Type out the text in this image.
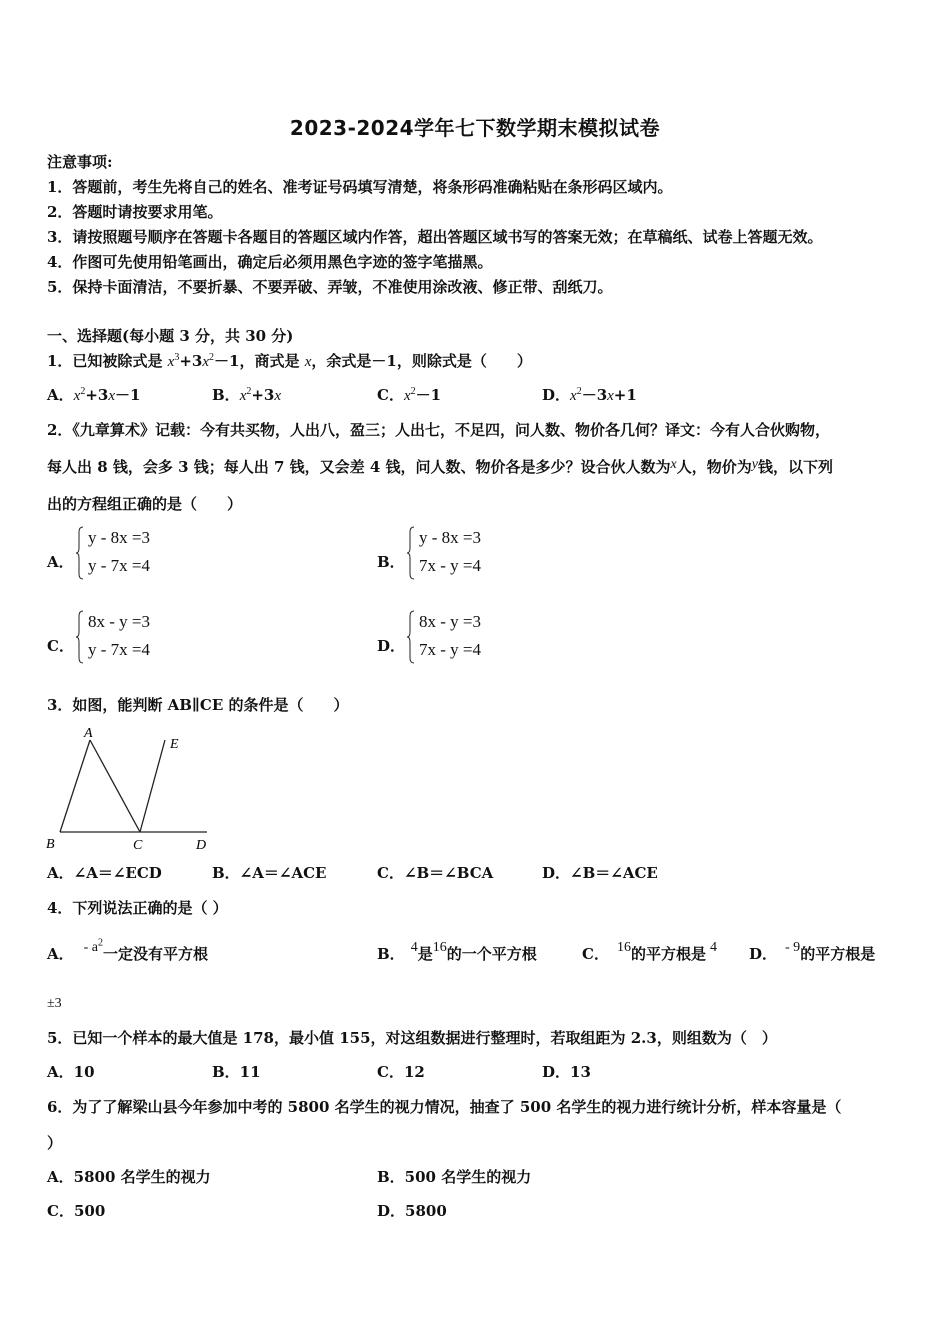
2023-2024学年七下数学期末模拟试卷
注意事项:
1．答题前，考生先将自己的姓名、准考证号码填写清楚，将条形码准确粘贴在条形码区域内。
2．答题时请按要求用笔。
3．请按照题号顺序在答题卡各题目的答题区域内作答，超出答题区域书写的答案无效；在草稿纸、试卷上答题无效。
4．作图可先使用铅笔画出，确定后必须用黑色字迹的签字笔描黑。
5．保持卡面清洁，不要折暴、不要弄破、弄皱，不准使用涂改液、修正带、刮纸刀。
一、选择题(每小题 3 分，共 30 分)
1．已知被除式是 $x^3+3x^2-1$，商式是 x，余式是－1，则除式是（　　）
A．$x^2+3x-1$	B．$x^2+3x$	C．$x^2-1$	D．$x^2-3x+1$
2．《九章算术》记载：今有共买物，人出八，盈三；人出七，不足四，问人数、物价各几何？译文：今有人合伙购物，
每人出 8 钱，会多 3 钱；每人出 7 钱，又会差 4 钱，问人数、物价各是多少？设合伙人数为x人，物价为y钱，以下列
出的方程组正确的是（　　）
A．
y - 8x =3
y - 7x =4	B．
y - 8x =3
7x - y =4
C．
8x - y =3
y - 7x =4	D．
8x - y =3
7x - y =4
3．如图，能判断 AB∥CE 的条件是（　　）
A
E
B	C	D
A．∠A＝∠ECD	B．∠A＝∠ACE	C．∠B＝∠BCA	D．∠B＝∠ACE
4．下列说法正确的是（ ）
A． - $a^2$一定没有平方根	B． 4是16的一个平方根	C． 16的平方根是 4 D． - 9的平方根是
±3
5．已知一个样本的最大值是 178，最小值 155，对这组数据进行整理时，若取组距为 2.3，则组数为（　）
A．10	B．11	C．12	D．13
6．为了了解梁山县今年参加中考的 5800 名学生的视力情况，抽查了 500 名学生的视力进行统计分析，样本容量是（
）
A．5800 名学生的视力	B．500 名学生的视力
C．500	D．5800
